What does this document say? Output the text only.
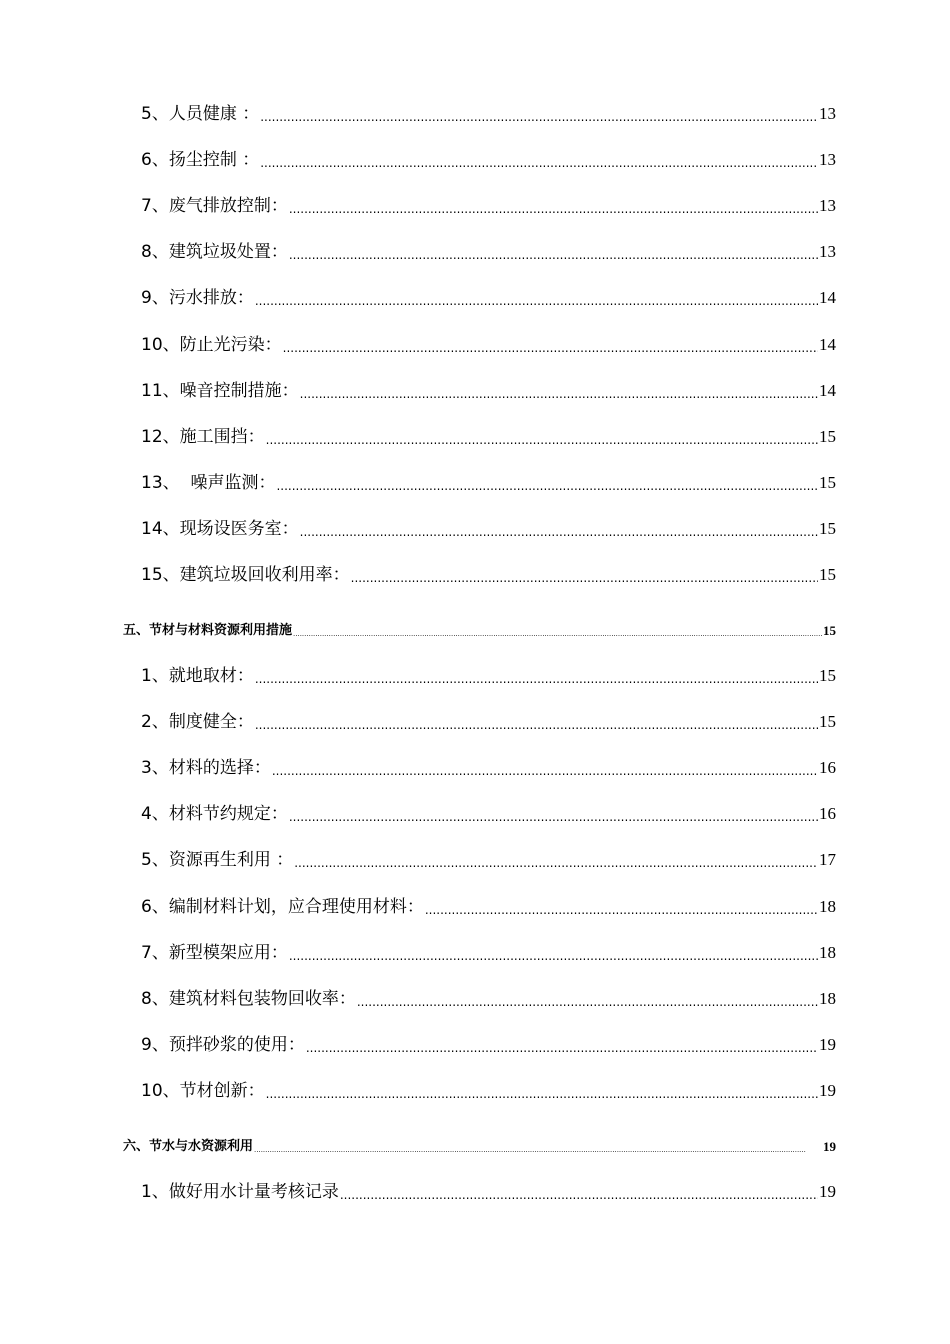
5、人员健康 ： .....	13
6、扬尘控制 ： .....	13
7、废气排放控制： .....	13
8、建筑垃圾处置： .....	13
9、污水排放： .....	14
10、防止光污染： .....	14
11、噪音控制措施： .....	14
12、施工围挡： .....	15
13、  噪声监测： .....	15
14、现场设医务室： .....	15
15、建筑垃圾回收利用率： .....	15
五、节材与材料资源利用措施 .....	15
1、就地取材： .....	15
2、制度健全： .....	15
3、材料的选择： .....	16
4、材料节约规定： .....	16
5、资源再生利用 ： .....	17
6、编制材料计划，应合理使用材料： .....	18
7、新型模架应用： .....	18
8、建筑材料包装物回收率： .....	18
9、预拌砂浆的使用： .....	19
10、节材创新： .....	19
六、节水与水资源利用 .....	19
1、做好用水计量考核记录 .....	19
